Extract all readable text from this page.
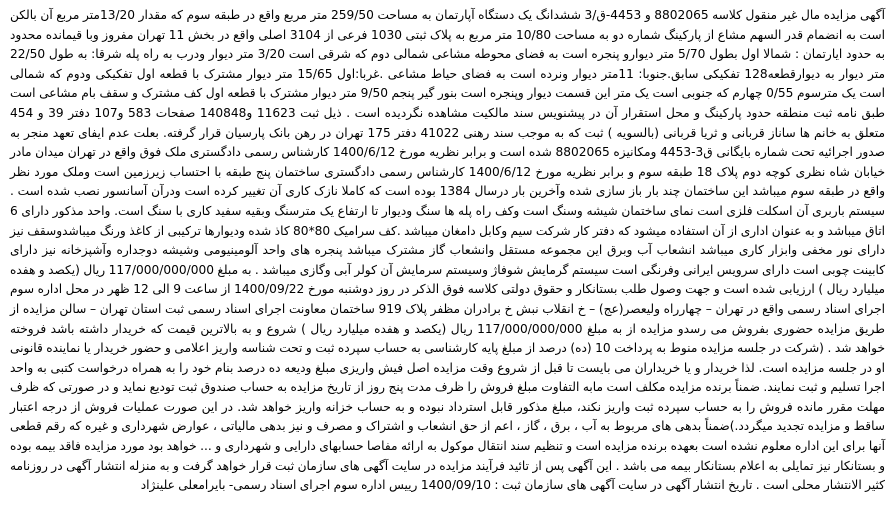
آگهی مزایده مال غیر منقول کلاسه 8802065 و 4453-ق/3 ششدانگ یک دستگاه آپارتمان به مساحت 259/50 متر مربع واقع در طبقه سوم که مقدار 13/20متر مربع آن بالکن است به انضمام قدر السهم مشاع از پارکینگ شماره دو به مساحت 10/80 متر مربع به پلاک ثبتی 1030 فرعی از 3104 اصلی واقع در بخش 11 تهران مفروز وبا قیمانده محدود به حدود ایارتمان : شمالا اول بطول 5/70 متر دیوارو پنجره است به فضای محوطه مشاعی شمالی دوم که شرقی است 3/20 متر دیوار ودرب به راه پله شرقا: به طول 22/50 متر دیوار به دیوارقطعه128 تفکیکی سابق.جنوبا: 11متر دیوار ونرده است به فضای حیاط مشاعی .غربا:اول 15/65 متر دیوار مشترک با قطعه اول تفکیکی ودوم که شمالی است یک مترسوم 0/55 چهارم که جنوبی است یک متر این قسمت دیوار وپنجره است بنور گیر پنجم 9/50 متر دیوار مشترک با قطعه اول کف مشترک و سقف بام مشاعی است طبق نامه ثبت منطقه حدود پارکینگ و محل استقرار آن در پیشنویس سند مالکیت مشاهده نگردیده است . ذیل ثبت 11623 و140848 صفحات 583 و107 دفتر 39 و 454 متعلق به خانم ها ساناز قربانی و ثریا قربانی (بالسویه ) ثبت که به موجب سند رهنی 41022 دفتر 175 تهران در رهن بانک پارسیان قرار گرفته. بعلت عدم ایفای تعهد منجر به صدور اجرائیه تحت شماره بایگانی ق3-4453 ومکانیزه 8802065 شده است و برابر نظریه مورخ 1400/6/12 کارشناس رسمی دادگستری ملک فوق واقع در تهران میدان مادر خیابان شاه نظری کوچه دوم پلاک 18 طبقه سوم و برابر نظریه مورخ 1400/6/12 کارشناس رسمی دادگستری ساختمان پنج طبقه با احتساب زیرزمین است وملک مورد نظر واقع در طبقه سوم میباشد این ساختمان چند بار باز سازی شده وآخرین بار درسال 1384 بوده است که کاملا نازک کاری آن تغییر کرده است ودرآن آسانسور نصب شده است . سیستم باربری آن اسکلت فلزی است نمای ساختمان شیشه وسنگ است وکف راه پله ها سنگ ودیوار تا ارتفاع یک مترسنگ وبقیه سفید کاری با سنگ است. واحد مذکور دارای 6 اتاق میباشد و به عنوان اداری از آن استفاده میشود که دفتر کار شرکت سیم وکابل دامغان میباشد .کف سرامیک 80*80 کاذ شده ودیوارها ترکیبی از کاغذ ورنگ میباشدوسقف نیز دارای نور مخفی وابزار کاری میباشد انشعاب آب وبرق این مجموعه مستقل وانشعاب گاز مشترک میباشد پنجره های واحد آلومینیومی وشیشه دوجداره وآشپزخانه نیز دارای کابینت چوبی است دارای سرویس ایرانی وفرنگی است سیستم گرمایش شوفاژ وسیستم سرمایش آن کولر آبی وگازی میباشد . به مبلغ 117/000/000/000 ریال (یکصد و هفده میلیارد ریال ) ارزیابی شده است و جهت وصول طلب بستانکار و حقوق دولتی کلاسه فوق الذکر در روز دوشنبه مورخ 1400/09/22 از ساعت 9 الی 12 ظهر در محل اداره سوم اجرای اسناد رسمی واقع در تهران – چهارراه ولیعصر(عج) – خ انقلاب نبش خ برادران مظفر پلاک 919 ساختمان معاونت اجرای اسناد رسمی ثبت استان تهران – سالن مزایده از طریق مزایده حضوری بفروش می رسدو مزایده از به مبلغ 117/000/000/000 ریال (یکصد و هفده میلیارد ریال ) شروع و به بالاترین قیمت که خریدار داشته باشد فروخته خواهد شد . (شرکت در جلسه مزایده منوط به پرداخت 10 (ده) درصد از مبلغ پایه کارشناسی به حساب سپرده ثبت و تحت شناسه واریز اعلامی و حضور خریدار یا نماینده قانونی او در جلسه مزایده است. لذا خریدار و یا خریداران می بایست تا قبل از شروع وقت مزایده اصل فیش واریزی مبلغ ودیعه ده درصد بنام خود را به همراه درخواست کتبی به واحد اجرا تسلیم و ثبت نمایند. ضمناً برنده مزایده مکلف است مابه التفاوت مبلغ فروش را ظرف مدت پنج روز از تاریخ مزایده به حساب صندوق ثبت تودیع نماید و در صورتی که ظرف مهلت مقرر مانده فروش را به حساب سپرده ثبت واریز نکند، مبلغ مذکور قابل استرداد نبوده و به حساب خزانه واریز خواهد شد. در این صورت عملیات فروش از درجه اعتبار ساقط و مزایده تجدید میگردد.)ضمناً بدهی های مربوط به آب ، برق ، گاز ، اعم از حق انشعاب و اشتراک و مصرف و نیز بدهی مالیاتی ، عوارض شهرداری و غیره که رقم قطعی آنها برای این اداره معلوم نشده است بعهده برنده مزایده است و تنظیم سند انتقال موکول به ارائه مفاصا حسابهای دارایی و شهرداری و ... خواهد بود مورد مزایده فاقد بیمه بوده و بستانکار نیز تمایلی به اعلام بستانکار بیمه می باشد . این آگهی پس از تائید فرآیند مزایده در سایت آگهی های سازمان ثبت قرار خواهد گرفت و به منزله انتشار آگهی در روزنامه کثیر الانتشار محلی است . تاریخ انتشار آگهی در سایت آگهی های سازمان ثبت : 1400/09/10 رییس اداره سوم اجرای اسناد رسمی- بایرامعلی علینژاد
